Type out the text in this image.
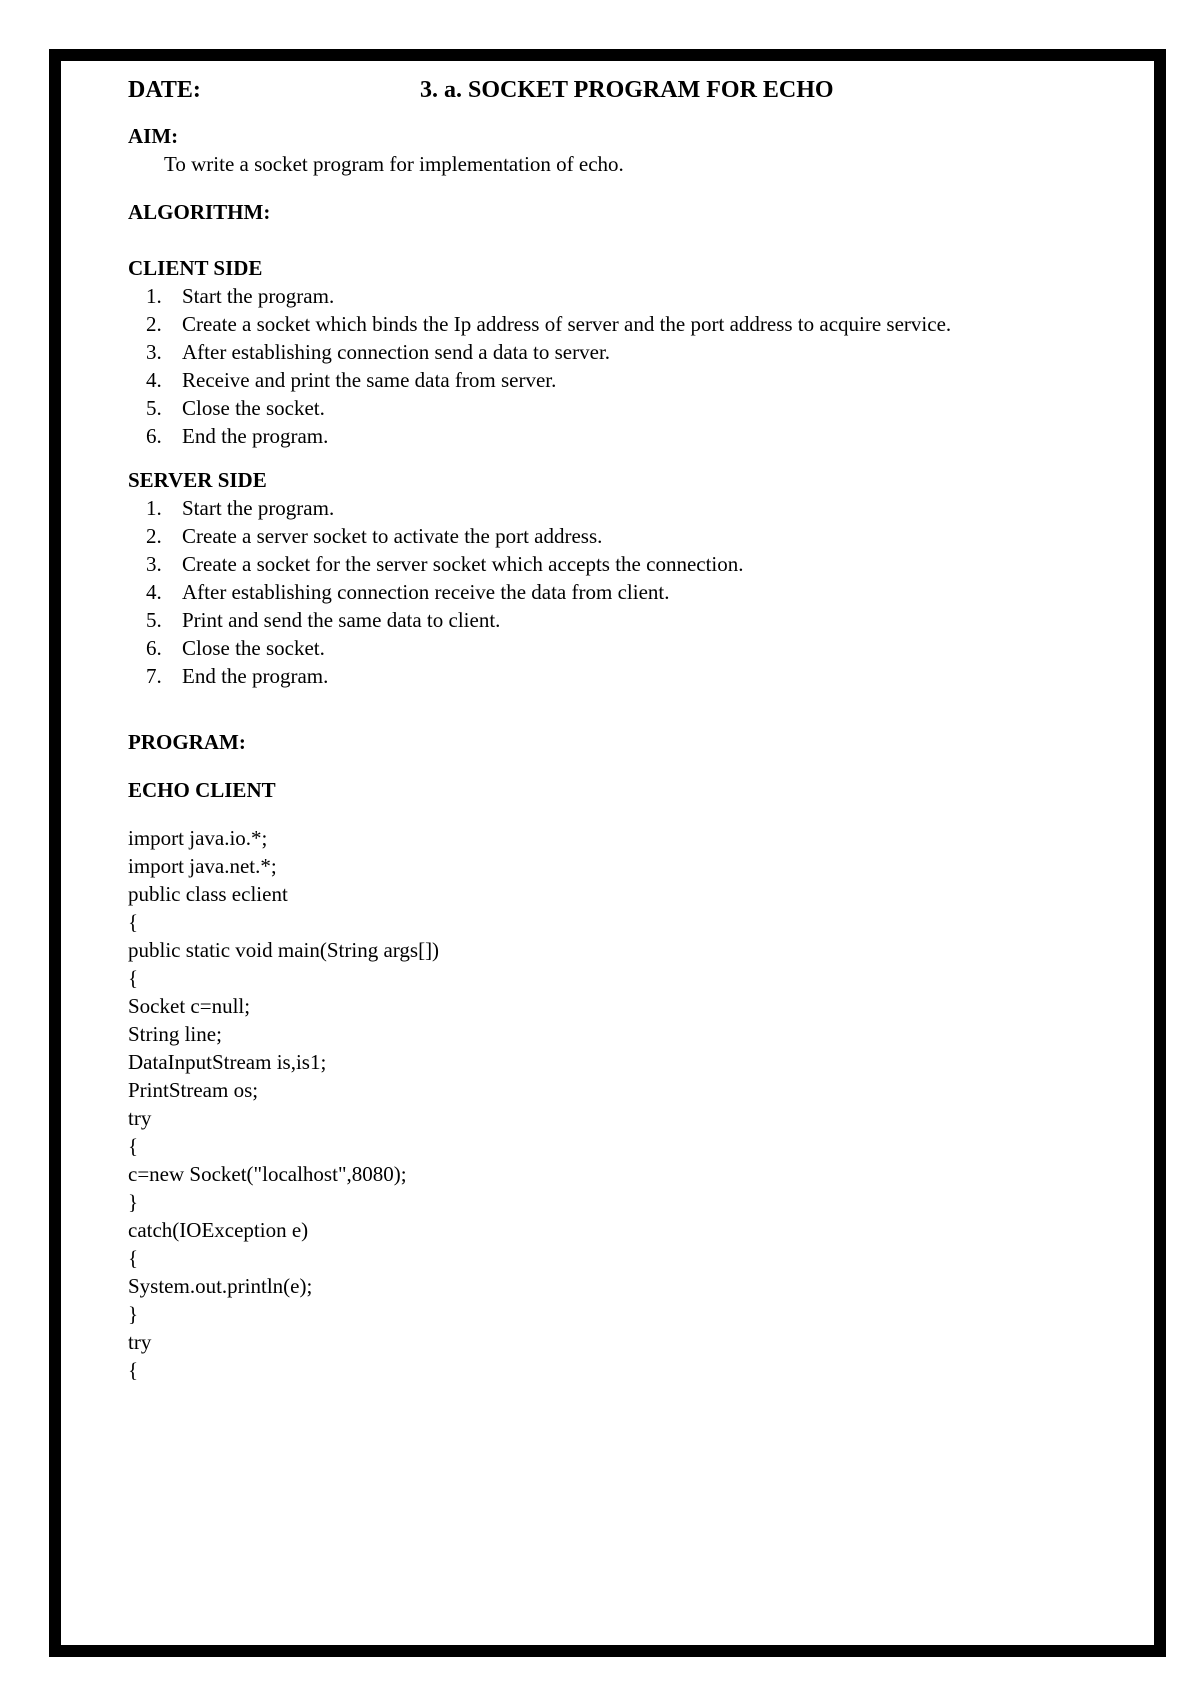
DATE:	3. a. SOCKET PROGRAM FOR ECHO
AIM:

To write a socket program for implementation of echo.

ALGORITHM:
CLIENT SIDE
1. Start the program.
2. Create a socket which binds the Ip address of server and the port address to acquire service.
3. After establishing connection send a data to server.
4. Receive and print the same data from server.
5. Close the socket.
6. End the program.
SERVER SIDE
1. Start the program.
2. Create a server socket to activate the port address.
3. Create a socket for the server socket which accepts the connection.
4. After establishing connection receive the data from client.
5. Print and send the same data to client.
6. Close the socket.
7. End the program.
PROGRAM:
ECHO CLIENT
import java.io.*;
import java.net.*;
public class eclient
{
public static void main(String args[])
{
Socket c=null;
String line;
DataInputStream is,is1;
PrintStream os;
try
{
c=new Socket("localhost",8080);
}
catch(IOException e)
{
System.out.println(e);
}
try
{
